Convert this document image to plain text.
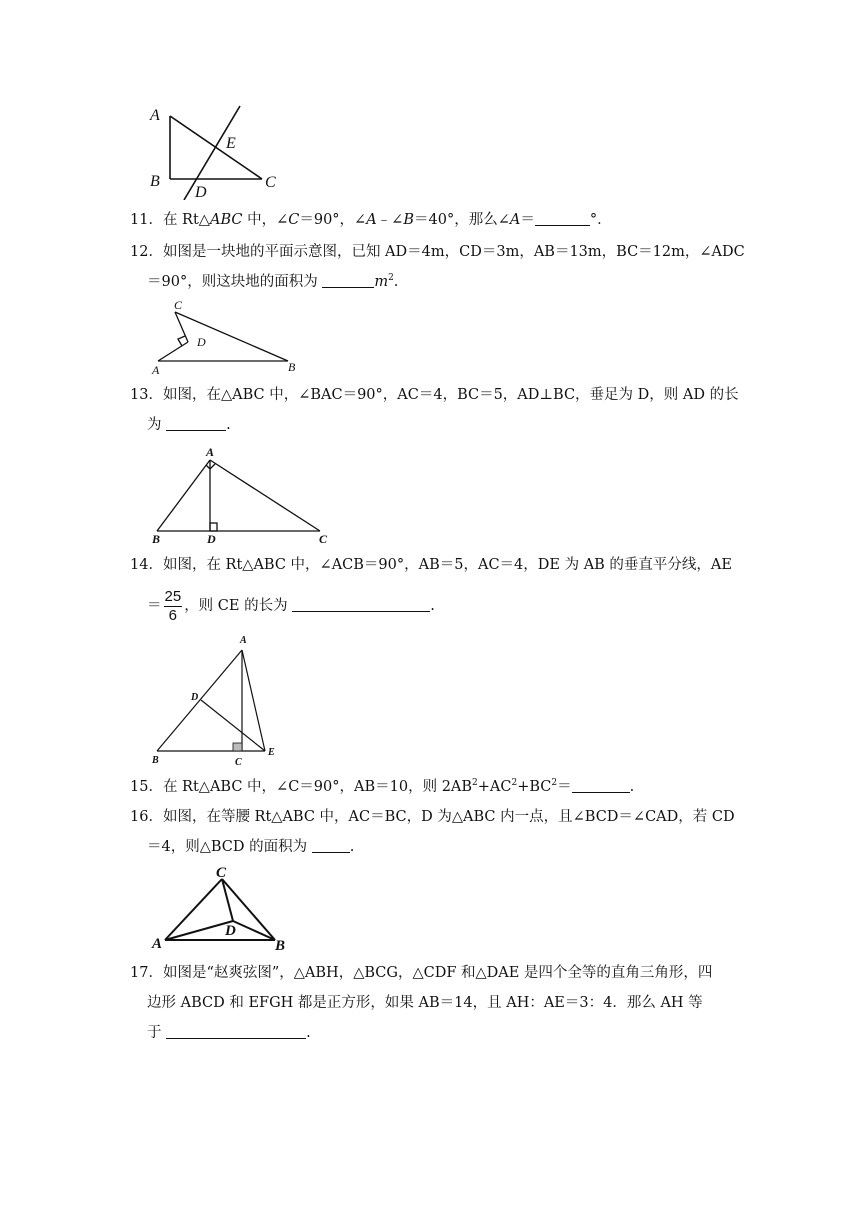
A
B	C
D
E
11．在 Rt△ABC 中，∠C＝90°，∠A﹣∠B＝40°，那么∠A＝	°．
12．如图是一块地的平面示意图，已知 AD＝4m，CD＝3m，AB＝13m，BC＝12m，∠ADC
＝90°，则这块地的面积为	$m^2$.
C
D
A	B
13．如图，在△ABC 中，∠BAC＝90°，AC＝4，BC＝5，AD⊥BC，垂足为 D，则 AD 的长
为	.
A
B	D	C
14．如图，在 Rt△ABC 中，∠ACB＝90°，AB＝5，AC＝4，DE 为 AB 的垂直平分线，AE
＝ $\frac{25}{6}$ ，则 CE 的长为	.
A
D
B	C
E
15．在 Rt△ABC 中，∠C＝90°，AB＝10，则 $2AB^2+AC^2+BC^2=$	.
16．如图，在等腰 Rt△ABC 中，AC＝BC，D 为△ABC 内一点，且∠BCD＝∠CAD，若 CD
＝4，则△BCD 的面积为	.
C
D
A	B
17．如图是“赵爽弦图”，△ABH，△BCG，△CDF 和△DAE 是四个全等的直角三角形，四
边形 ABCD 和 EFGH 都是正方形，如果 AB＝14，且 AH：AE＝3：4．那么 AH 等
于	.
